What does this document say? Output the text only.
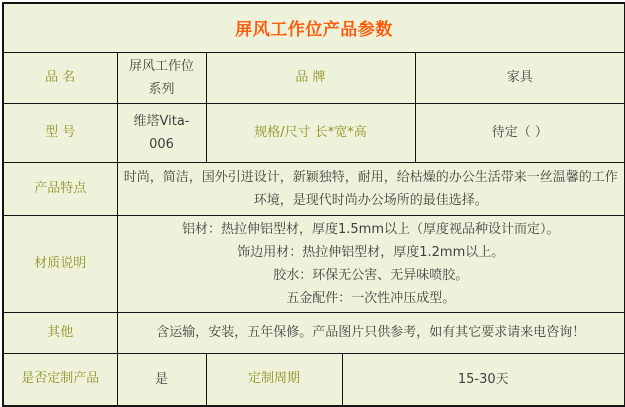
屏风工作位产品参数				
品 名	屏风工作位系列	品 牌		家具
型 号	维塔Vita-006	规格/尺寸 长*宽*高		待定（ ）
产品特点	时尚，简洁，国外引进设计，新颖独特，耐用，给枯燥的办公生活带来一丝温馨的工作环境，是现代时尚办公场所的最佳选择。			
材质说明	铝材：热拉伸铝型材，厚度1.5mm以上（厚度视品种设计而定）。
饰边用材：热拉伸铝型材，厚度1.2mm以上。
胶水：环保无公害、无异味喷胶。
五金配件：一次性冲压成型。			

其他	含运输，安装，五年保修。产品图片只供参考，如有其它要求请来电咨询！			
是否定制产品	是	定制周期	15-30天	
